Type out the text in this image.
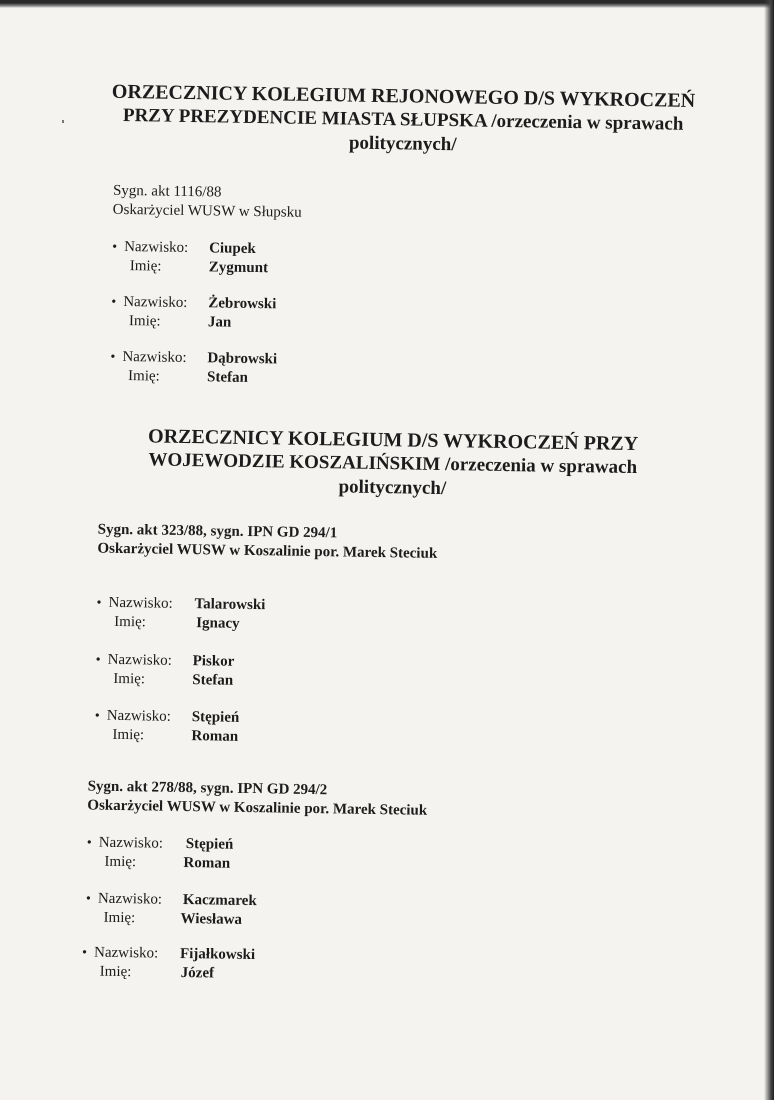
ORZECZNICY KOLEGIUM REJONOWEGO D/S WYKROCZEŃ
PRZY PREZYDENCIE MIASTA SŁUPSKA /orzeczenia w sprawach
politycznych/
Sygn. akt 1116/88
Oskarżyciel WUSW w Słupsku
• Nazwisko: Ciupek
Imię:	Zygmunt
• Nazwisko: Żebrowski
Imię:	Jan
• Nazwisko: Dąbrowski
Imię:	Stefan
ORZECZNICY KOLEGIUM D/S WYKROCZEŃ PRZY
WOJEWODZIE KOSZALIŃSKIM /orzeczenia w sprawach
politycznych/
Sygn. akt 323/88, sygn. IPN GD 294/1
Oskarżyciel WUSW w Koszalinie por. Marek Steciuk
• Nazwisko: Talarowski
Imię:	Ignacy
• Nazwisko: Piskor
Imię:	Stefan
• Nazwisko: Stępień
Imię:	Roman
Sygn. akt 278/88, sygn. IPN GD 294/2
Oskarżyciel WUSW w Koszalinie por. Marek Steciuk
• Nazwisko: Stępień
Imię:	Roman
• Nazwisko: Kaczmarek
Imię:	Wiesława
• Nazwisko: Fijałkowski
Imię:	Józef
